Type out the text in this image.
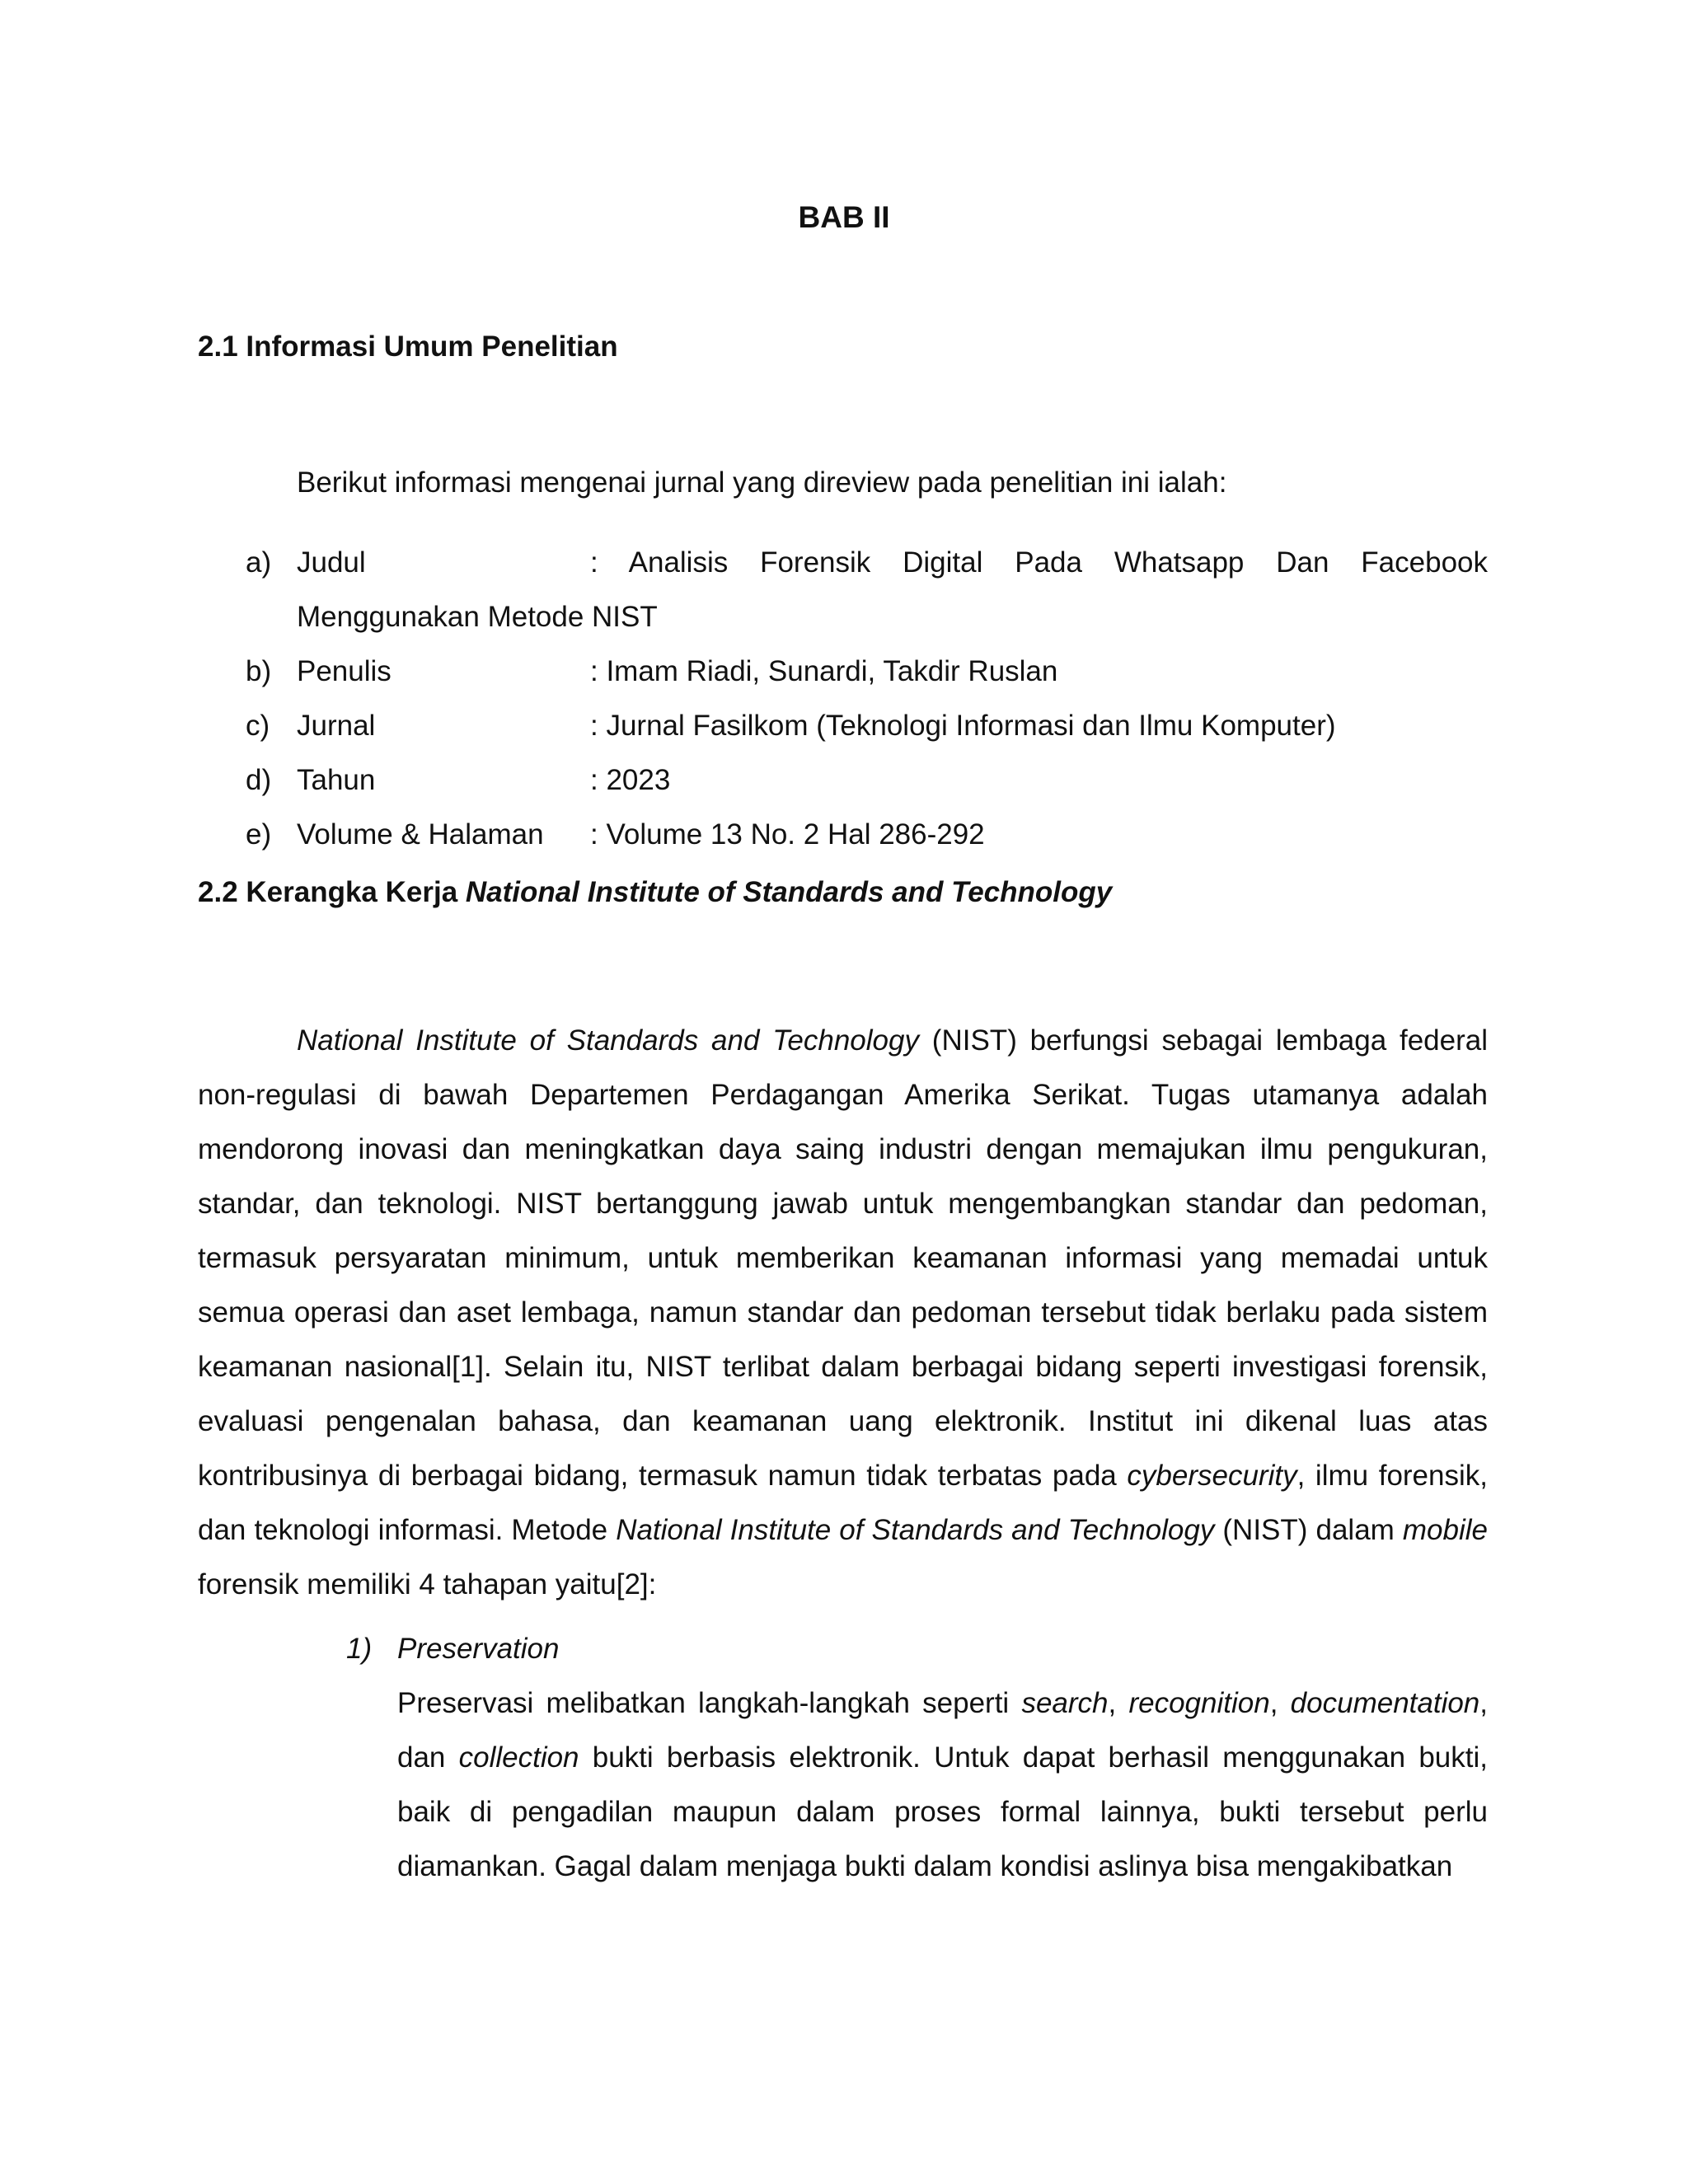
BAB II
2.1 Informasi Umum Penelitian
Berikut informasi mengenai jurnal yang direview pada penelitian ini ialah:
a) Judul	: Analisis Forensik Digital Pada Whatsapp Dan Facebook
Menggunakan Metode NIST
b) Penulis	: Imam Riadi, Sunardi, Takdir Ruslan
c) Jurnal	: Jurnal Fasilkom (Teknologi Informasi dan Ilmu Komputer)
d) Tahun	: 2023
e) Volume & Halaman : Volume 13 No. 2 Hal 286-292
2.2 Kerangka Kerja National Institute of Standards and Technology

National Institute of Standards and Technology (NIST) berfungsi sebagai lembaga federal non-regulasi di bawah Departemen Perdagangan Amerika Serikat. Tugas utamanya adalah mendorong inovasi dan meningkatkan daya saing industri dengan memajukan ilmu pengukuran, standar, dan teknologi. NIST bertanggung jawab untuk mengembangkan standar dan pedoman, termasuk persyaratan minimum, untuk memberikan keamanan informasi yang memadai untuk semua operasi dan aset lembaga, namun standar dan pedoman tersebut tidak berlaku pada sistem keamanan nasional[1]. Selain itu, NIST terlibat dalam berbagai bidang seperti investigasi forensik, evaluasi pengenalan bahasa, dan keamanan uang elektronik. Institut ini dikenal luas atas kontribusinya di berbagai bidang, termasuk namun tidak terbatas pada cybersecurity, ilmu forensik, dan teknologi informasi. Metode National Institute of Standards and Technology (NIST) dalam mobile forensik memiliki 4 tahapan yaitu[2]:

1) Preservation

Preservasi melibatkan langkah-langkah seperti search, recognition, documentation, dan collection bukti berbasis elektronik. Untuk dapat berhasil menggunakan bukti, baik di pengadilan maupun dalam proses formal lainnya, bukti tersebut perlu diamankan. Gagal dalam menjaga bukti dalam kondisi aslinya bisa mengakibatkan
